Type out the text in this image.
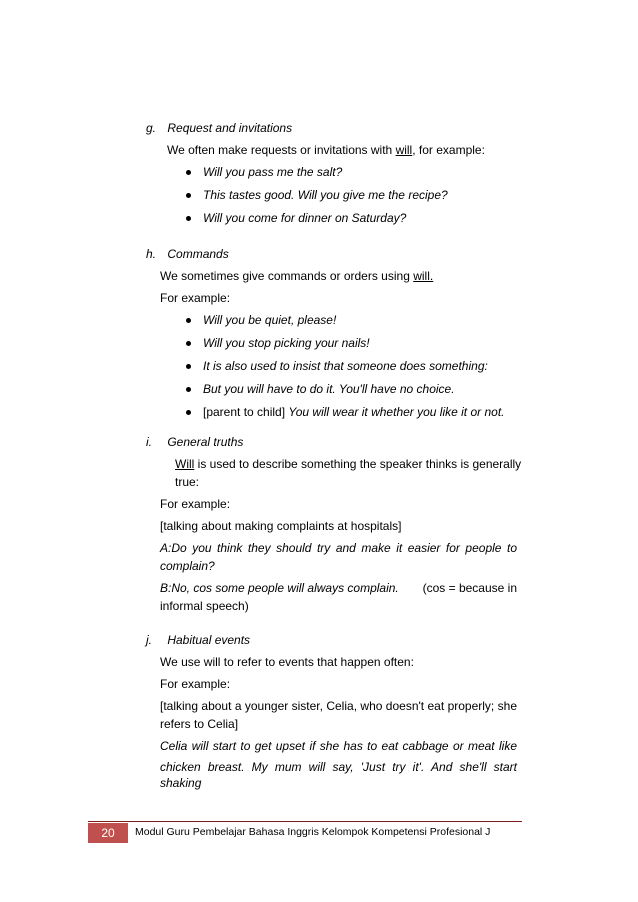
g. Request and invitations
We often make requests or invitations with will, for example:
Will you pass me the salt?
This tastes good. Will you give me the recipe?
Will you come for dinner on Saturday?
h. Commands
We sometimes give commands or orders using will.
For example:
Will you be quiet, please!
Will you stop picking your nails!
It is also used to insist that someone does something:
But you will have to do it. You'll have no choice.
[parent to child] You will wear it whether you like it or not.
i. General truths
Will is used to describe something the speaker thinks is generally
true:
For example:
[talking about making complaints at hospitals]
A:Do you think they should try and make it easier for people to
complain?
B:No, cos some people will always complain. (cos = because in
informal speech)
j. Habitual events
We use will to refer to events that happen often:
For example:
[talking about a younger sister, Celia, who doesn't eat properly; she
refers to Celia]
Celia will start to get upset if she has to eat cabbage or meat like
chicken breast. My mum will say, 'Just try it'. And she'll start shaking
20	Modul Guru Pembelajar Bahasa Inggris Kelompok Kompetensi Profesional J
